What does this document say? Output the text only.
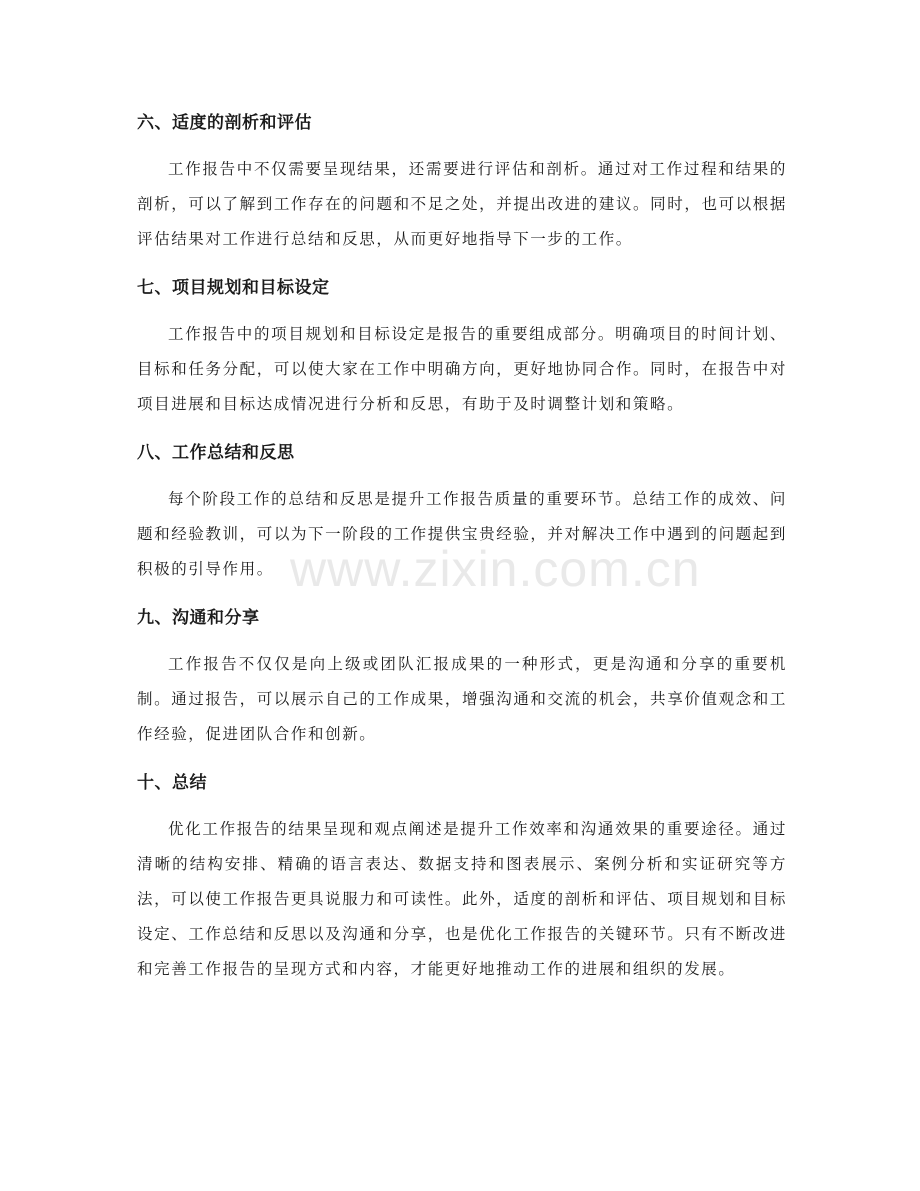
六、适度的剖析和评估

工作报告中不仅需要呈现结果，还需要进行评估和剖析。通过对工作过程和结果的剖析，可以了解到工作存在的问题和不足之处，并提出改进的建议。同时，也可以根据评估结果对工作进行总结和反思，从而更好地指导下一步的工作。

七、项目规划和目标设定

工作报告中的项目规划和目标设定是报告的重要组成部分。明确项目的时间计划、目标和任务分配，可以使大家在工作中明确方向，更好地协同合作。同时，在报告中对项目进展和目标达成情况进行分析和反思，有助于及时调整计划和策略。

八、工作总结和反思

每个阶段工作的总结和反思是提升工作报告质量的重要环节。总结工作的成效、问题和经验教训，可以为下一阶段的工作提供宝贵经验，并对解决工作中遇到的问题起到积极的引导作用。

九、沟通和分享

工作报告不仅仅是向上级或团队汇报成果的一种形式，更是沟通和分享的重要机制。通过报告，可以展示自己的工作成果，增强沟通和交流的机会，共享价值观念和工作经验，促进团队合作和创新。

十、总结

优化工作报告的结果呈现和观点阐述是提升工作效率和沟通效果的重要途径。通过清晰的结构安排、精确的语言表达、数据支持和图表展示、案例分析和实证研究等方法，可以使工作报告更具说服力和可读性。此外，适度的剖析和评估、项目规划和目标设定、工作总结和反思以及沟通和分享，也是优化工作报告的关键环节。只有不断改进和完善工作报告的呈现方式和内容，才能更好地推动工作的进展和组织的发展。

www.zixin.com.cn
